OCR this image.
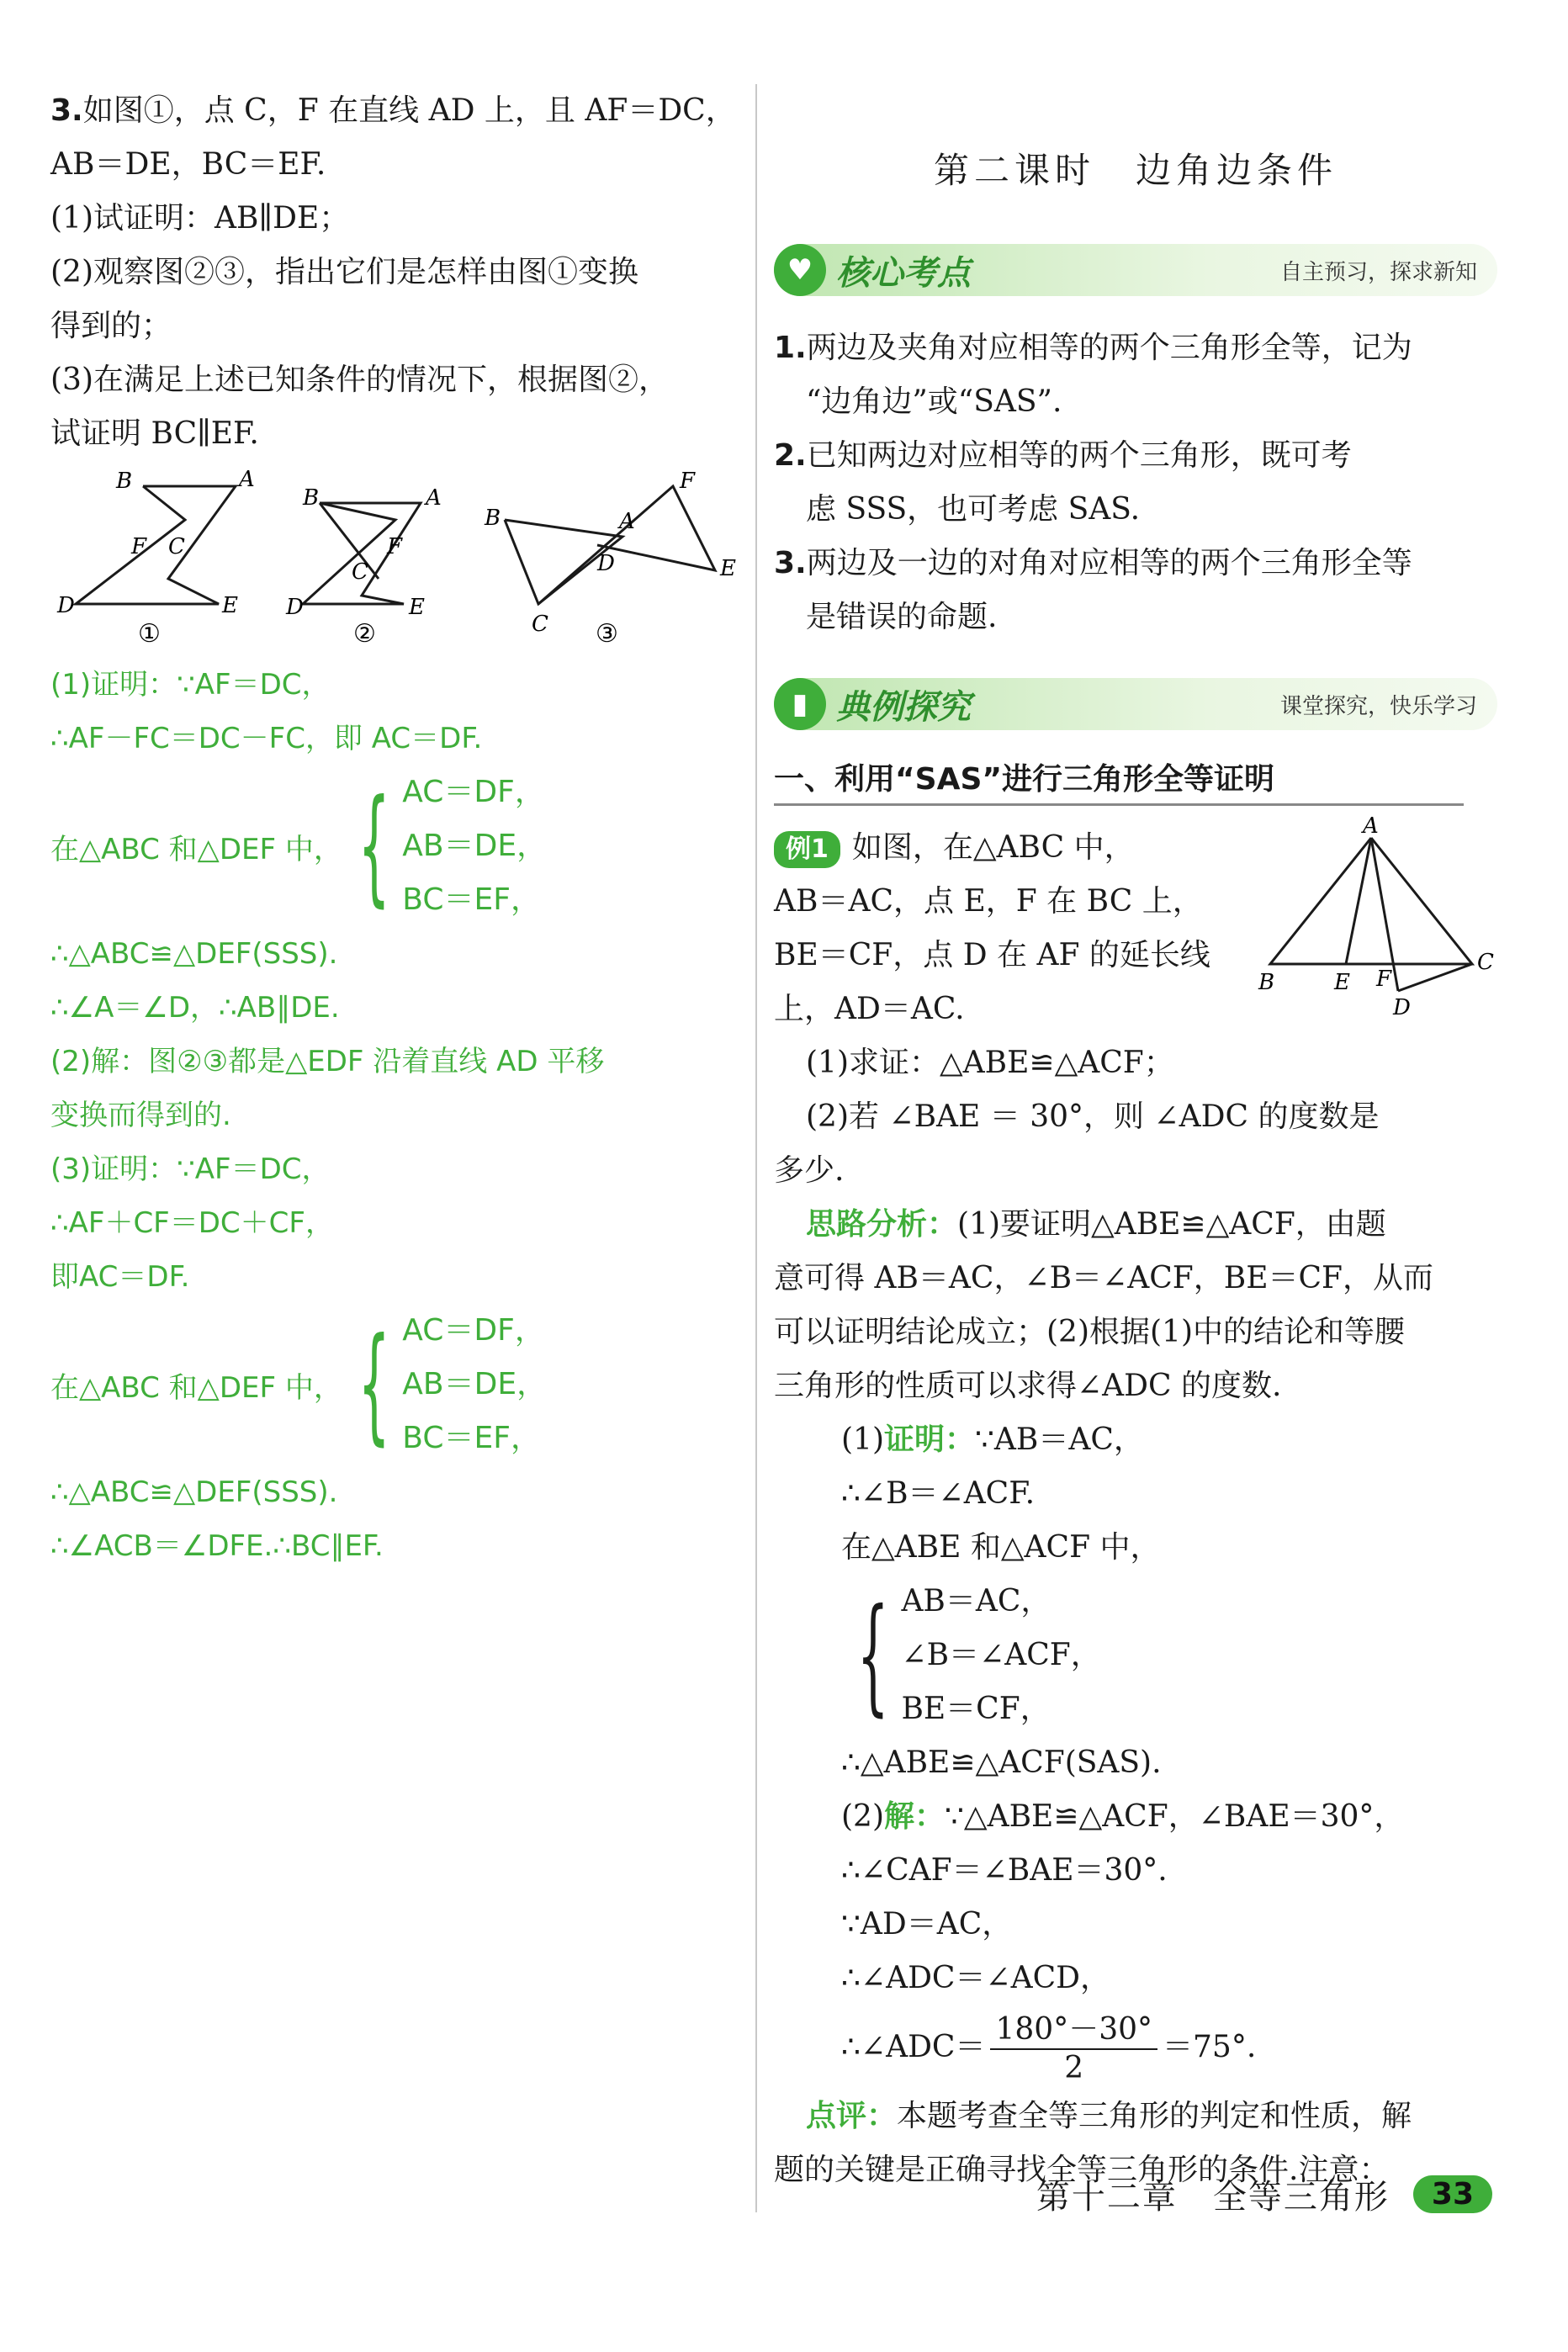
3.如图①，点 C，F 在直线 AD 上，且 AF＝DC，
AB＝DE，BC＝EF.
(1)试证明：AB∥DE；
(2)观察图②③，指出它们是怎样由图①变换
得到的；
(3)在满足上述已知条件的情况下，根据图②，
试证明 BC∥EF.
B	A
F C
D	E
①
B	A
F
C
D	E
②
F
A
B
D	E
C ③
(1)证明：∵AF＝DC，
∴AF－FC＝DC－FC，即 AC＝DF.
在△ABC 和△DEF 中， { AC＝DF，
AB＝DE，
BC＝EF，
∴△ABC≌△DEF(SSS).
∴∠A＝∠D，∴AB∥DE.
(2)解：图②③都是△EDF 沿着直线 AD 平移
变换而得到的.
(3)证明：∵AF＝DC，
∴AF＋CF＝DC＋CF，
即AC＝DF.
在△ABC 和△DEF 中， { AC＝DF，
AB＝DE，
BC＝EF，
∴△ABC≌△DEF(SSS).
∴∠ACB＝∠DFE.∴BC∥EF.
第二课时　边角边条件
♥ 核心考点	自主预习，探求新知
1.两边及夹角对应相等的两个三角形全等，记为
“边角边”或“SAS”.
2.已知两边对应相等的两个三角形，既可考
虑 SSS，也可考虑 SAS.
3.两边及一边的对角对应相等的两个三角形全等
是错误的命题.
▮ 典例探究	课堂探究，快乐学习
一、利用“SAS”进行三角形全等证明
例1 如图，在△ABC 中，
AB＝AC，点 E，F 在 BC 上，
BE＝CF，点 D 在 AF 的延长线
上，AD＝AC.
A
B	E F
C
D
(1)求证：△ABE≌△ACF；
(2)若 ∠BAE ＝ 30°，则 ∠ADC 的度数是
多少.
思路分析：(1)要证明△ABE≌△ACF，由题
意可得 AB＝AC，∠B＝∠ACF，BE＝CF，从而
可以证明结论成立；(2)根据(1)中的结论和等腰
三角形的性质可以求得∠ADC 的度数.
(1)证明：∵AB＝AC，
∴∠B＝∠ACF.
在△ABE 和△ACF 中，
{ AB＝AC，
∠B＝∠ACF，
BE＝CF，
∴△ABE≌△ACF(SAS).
(2)解：∵△ABE≌△ACF，∠BAE＝30°，
∴∠CAF＝∠BAE＝30°.
∵AD＝AC，
∴∠ADC＝∠ACD，
∴∠ADC＝ $\frac{180^\circ-30^\circ}{2} =75^\circ$.
点评：本题考查全等三角形的判定和性质，解
题的关键是正确寻找全等三角形的条件.注意：
第十二章　全等三角形	33
